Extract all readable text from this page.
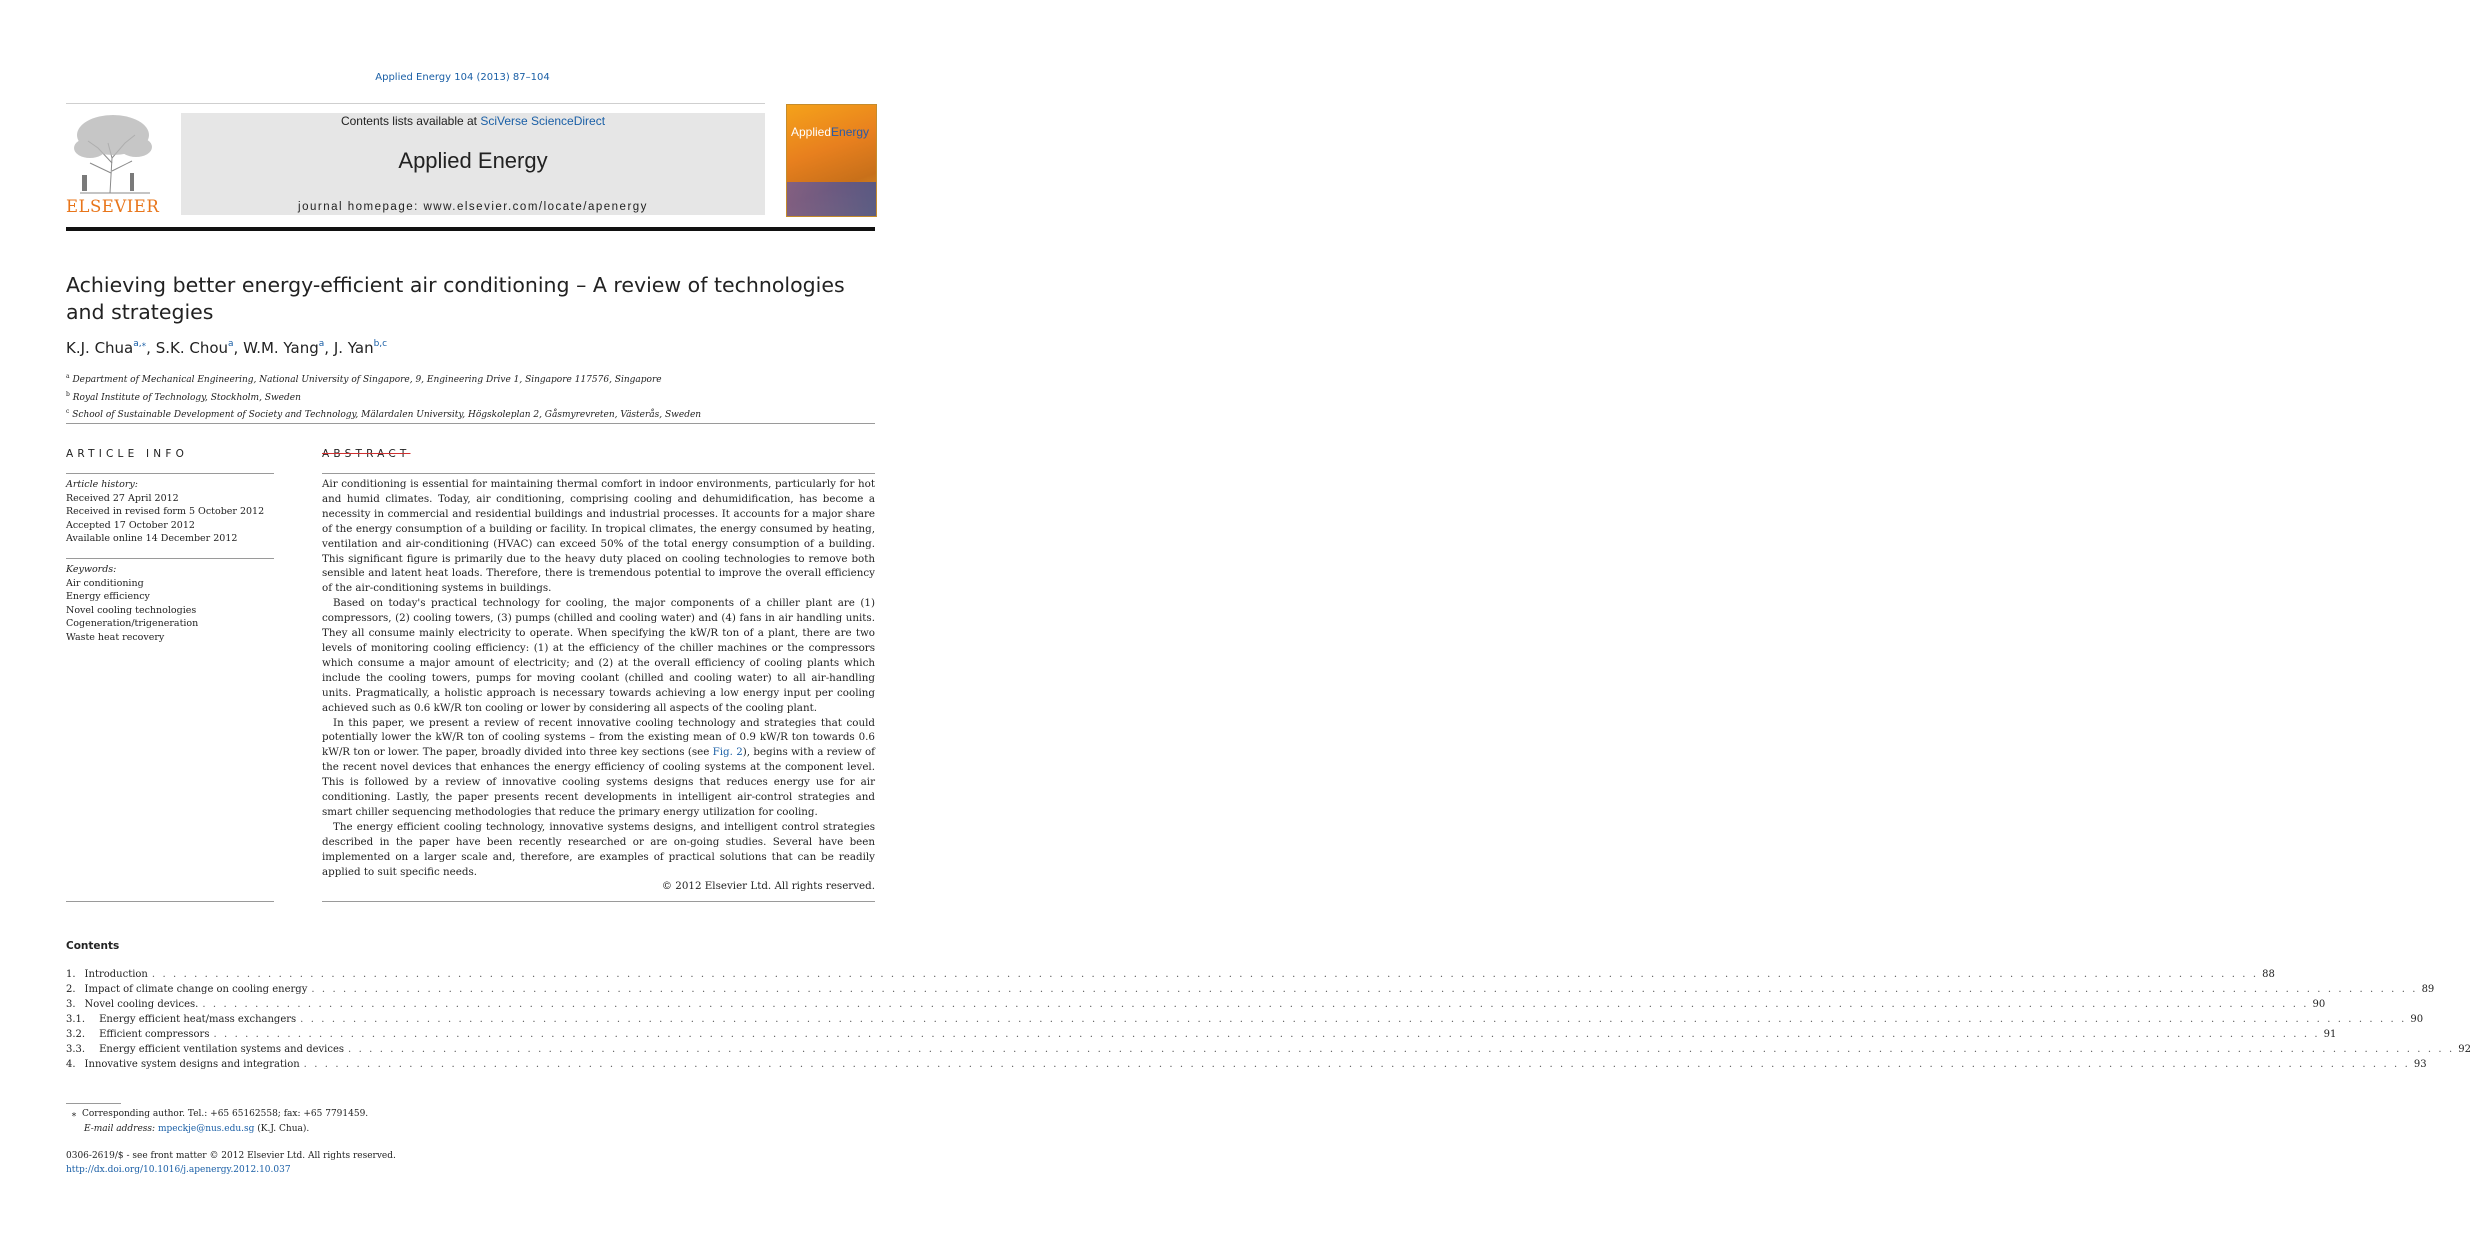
Applied Energy 104 (2013) 87–104
ELSEVIER
Contents lists available at SciVerse ScienceDirect
Applied Energy
journal homepage: www.elsevier.com/locate/apenergy
AppliedEnergy
Achieving better energy-efficient air conditioning – A review of technologies and strategies
K.J. Chua$^{a,⁎}$, S.K. Chou$^a$, W.M. Yang$^a$, J. Yan$^{b,c}$
$^a$ Department of Mechanical Engineering, National University of Singapore, 9, Engineering Drive 1, Singapore 117576, Singapore
$^b$ Royal Institute of Technology, Stockholm, Sweden
$^c$ School of Sustainable Development of Society and Technology, Mälardalen University, Högskoleplan 2, Gåsmyrevreten, Västerås, Sweden
ARTICLE INFO	ABSTRACT
Article history:
Received 27 April 2012
Received in revised form 5 October 2012
Accepted 17 October 2012
Available online 14 December 2012
Keywords:
Air conditioning
Energy efficiency
Novel cooling technologies
Cogeneration/trigeneration
Waste heat recovery

Air conditioning is essential for maintaining thermal comfort in indoor environments, particularly for hot and humid climates. Today, air conditioning, comprising cooling and dehumidification, has become a necessity in commercial and residential buildings and industrial processes. It accounts for a major share of the energy consumption of a building or facility. In tropical climates, the energy consumed by heating, ventilation and air-conditioning (HVAC) can exceed 50% of the total energy consumption of a building. This significant figure is primarily due to the heavy duty placed on cooling technologies to remove both sensible and latent heat loads. Therefore, there is tremendous potential to improve the overall efficiency of the air-conditioning systems in buildings.

Based on today's practical technology for cooling, the major components of a chiller plant are (1) compressors, (2) cooling towers, (3) pumps (chilled and cooling water) and (4) fans in air handling units. They all consume mainly electricity to operate. When specifying the kW/R ton of a plant, there are two levels of monitoring cooling efficiency: (1) at the efficiency of the chiller machines or the compressors which consume a major amount of electricity; and (2) at the overall efficiency of cooling plants which include the cooling towers, pumps for moving coolant (chilled and cooling water) to all air-handling units. Pragmatically, a holistic approach is necessary towards achieving a low energy input per cooling achieved such as 0.6 kW/R ton cooling or lower by considering all aspects of the cooling plant.

In this paper, we present a review of recent innovative cooling technology and strategies that could potentially lower the kW/R ton of cooling systems – from the existing mean of 0.9 kW/R ton towards 0.6 kW/R ton or lower. The paper, broadly divided into three key sections (see Fig. 2), begins with a review of the recent novel devices that enhances the energy efficiency of cooling systems at the component level. This is followed by a review of innovative cooling systems designs that reduces energy use for air conditioning. Lastly, the paper presents recent developments in intelligent air-control strategies and smart chiller sequencing methodologies that reduce the primary energy utilization for cooling.

The energy efficient cooling technology, innovative systems designs, and intelligent control strategies described in the paper have been recently researched or are on-going studies. Several have been implemented on a larger scale and, therefore, are examples of practical solutions that can be readily applied to suit specific needs.

© 2012 Elsevier Ltd. All rights reserved.
Contents
1. Introduction . . . . . . . . . . . . . . . . . . . . . . . . . . . . . . . . . . . . . . . . . . . . . . . . . . . . . . . . . . . . . . . . . . . . . . . . . . . . . . . . . . . . . . . . . . . . . . . . . . . . . . . . . . . . . . . . . . . . . . . . . . . . . . . . . . . . . . . . . . . . . . . . . . . . . . . . . . . . . . . . . . . . . . . . . . . . . . . . . . . . . . . . . . . . . . . . . . . . . . . . 88
2. Impact of climate change on cooling energy . . . . . . . . . . . . . . . . . . . . . . . . . . . . . . . . . . . . . . . . . . . . . . . . . . . . . . . . . . . . . . . . . . . . . . . . . . . . . . . . . . . . . . . . . . . . . . . . . . . . . . . . . . . . . . . . . . . . . . . . . . . . . . . . . . . . . . . . . . . . . . . . . . . . . . . . . . . . . . . . . . . . . . . . . . . . . . . . . . . . . . . . . . . . . . . . . . . . . . . . 89
3. Novel cooling devices. . . . . . . . . . . . . . . . . . . . . . . . . . . . . . . . . . . . . . . . . . . . . . . . . . . . . . . . . . . . . . . . . . . . . . . . . . . . . . . . . . . . . . . . . . . . . . . . . . . . . . . . . . . . . . . . . . . . . . . . . . . . . . . . . . . . . . . . . . . . . . . . . . . . . . . . . . . . . . . . . . . . . . . . . . . . . . . . . . . . . . . . . . . . . . . . . . . . . . . . . 90
3.1.	Energy efficient heat/mass exchangers . . . . . . . . . . . . . . . . . . . . . . . . . . . . . . . . . . . . . . . . . . . . . . . . . . . . . . . . . . . . . . . . . . . . . . . . . . . . . . . . . . . . . . . . . . . . . . . . . . . . . . . . . . . . . . . . . . . . . . . . . . . . . . . . . . . . . . . . . . . . . . . . . . . . . . . . . . . . . . . . . . . . . . . . . . . . . . . . . . . . . . . . . . . . . . . . . . . . . . . . 90
3.2.	Efficient compressors . . . . . . . . . . . . . . . . . . . . . . . . . . . . . . . . . . . . . . . . . . . . . . . . . . . . . . . . . . . . . . . . . . . . . . . . . . . . . . . . . . . . . . . . . . . . . . . . . . . . . . . . . . . . . . . . . . . . . . . . . . . . . . . . . . . . . . . . . . . . . . . . . . . . . . . . . . . . . . . . . . . . . . . . . . . . . . . . . . . . . . . . . . . . . . . . . . . . . . . . 91
3.3.	Energy efficient ventilation systems and devices . . . . . . . . . . . . . . . . . . . . . . . . . . . . . . . . . . . . . . . . . . . . . . . . . . . . . . . . . . . . . . . . . . . . . . . . . . . . . . . . . . . . . . . . . . . . . . . . . . . . . . . . . . . . . . . . . . . . . . . . . . . . . . . . . . . . . . . . . . . . . . . . . . . . . . . . . . . . . . . . . . . . . . . . . . . . . . . . . . . . . . . . . . . . . . . . . . . . . . . . 92
4. Innovative system designs and integration . . . . . . . . . . . . . . . . . . . . . . . . . . . . . . . . . . . . . . . . . . . . . . . . . . . . . . . . . . . . . . . . . . . . . . . . . . . . . . . . . . . . . . . . . . . . . . . . . . . . . . . . . . . . . . . . . . . . . . . . . . . . . . . . . . . . . . . . . . . . . . . . . . . . . . . . . . . . . . . . . . . . . . . . . . . . . . . . . . . . . . . . . . . . . . . . . . . . . . . . 93
⁎ Corresponding author. Tel.: +65 65162558; fax: +65 7791459.
E-mail address: mpeckje@nus.edu.sg (K.J. Chua).
0306-2619/$ - see front matter © 2012 Elsevier Ltd. All rights reserved.
http://dx.doi.org/10.1016/j.apenergy.2012.10.037
